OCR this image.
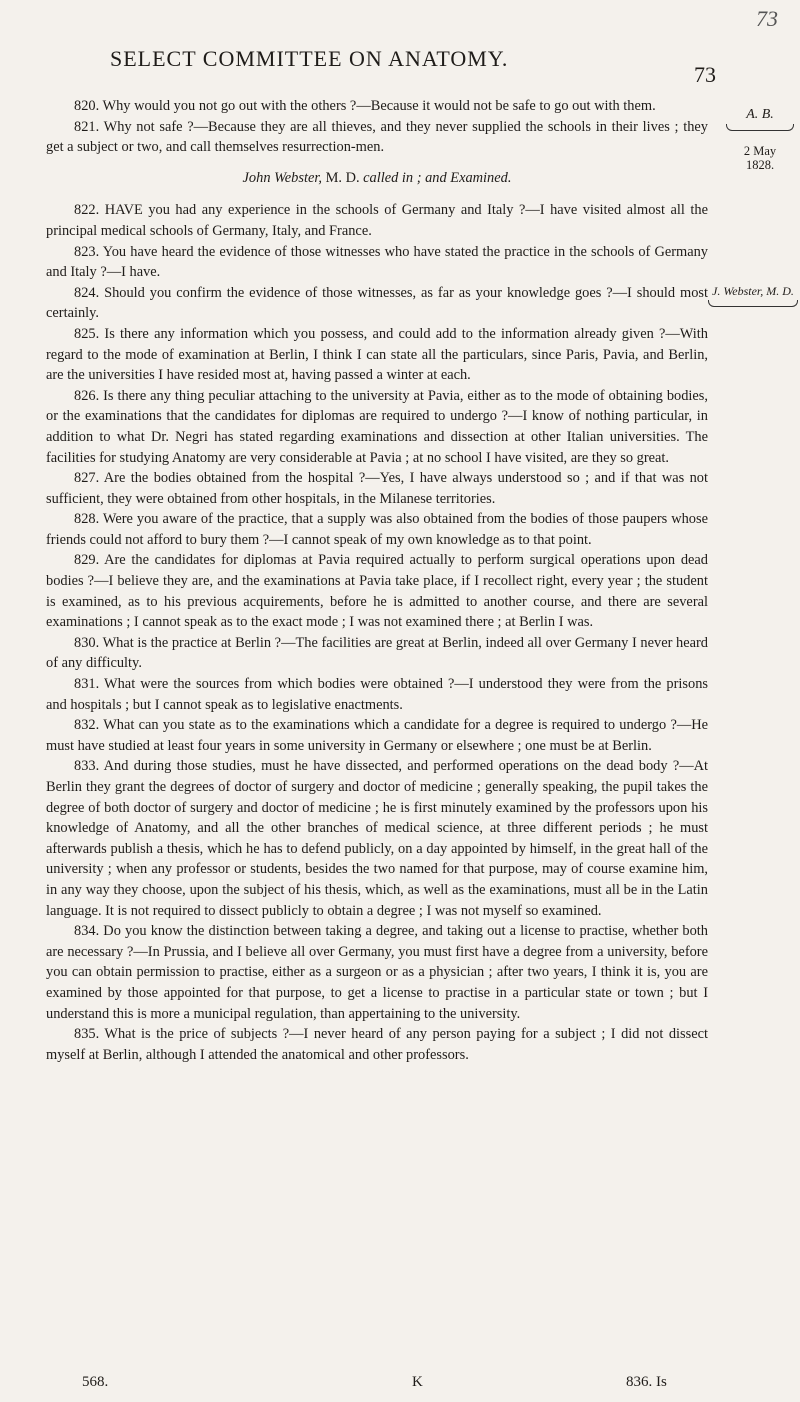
73
SELECT COMMITTEE ON ANATOMY.
73
A. B.
2 May
1828.
J. Webster, M. D.

820. Why would you not go out with the others ?—Because it would not be safe to go out with them.

821. Why not safe ?—Because they are all thieves, and they never supplied the schools in their lives ; they get a subject or two, and call themselves resurrection-men.

John Webster, M. D. called in ; and Examined.

822. HAVE you had any experience in the schools of Germany and Italy ?—I have visited almost all the principal medical schools of Germany, Italy, and France.

823. You have heard the evidence of those witnesses who have stated the practice in the schools of Germany and Italy ?—I have.

824. Should you confirm the evidence of those witnesses, as far as your knowledge goes ?—I should most certainly.

825. Is there any information which you possess, and could add to the information already given ?—With regard to the mode of examination at Berlin, I think I can state all the particulars, since Paris, Pavia, and Berlin, are the universities I have resided most at, having passed a winter at each.

826. Is there any thing peculiar attaching to the university at Pavia, either as to the mode of obtaining bodies, or the examinations that the candidates for diplomas are required to undergo ?—I know of nothing particular, in addition to what Dr. Negri has stated regarding examinations and dissection at other Italian universities. The facilities for studying Anatomy are very considerable at Pavia ; at no school I have visited, are they so great.

827. Are the bodies obtained from the hospital ?—Yes, I have always understood so ; and if that was not sufficient, they were obtained from other hospitals, in the Milanese territories.

828. Were you aware of the practice, that a supply was also obtained from the bodies of those paupers whose friends could not afford to bury them ?—I cannot speak of my own knowledge as to that point.

829. Are the candidates for diplomas at Pavia required actually to perform surgical operations upon dead bodies ?—I believe they are, and the examinations at Pavia take place, if I recollect right, every year ; the student is examined, as to his previous acquirements, before he is admitted to another course, and there are several examinations ; I cannot speak as to the exact mode ; I was not examined there ; at Berlin I was.

830. What is the practice at Berlin ?—The facilities are great at Berlin, indeed all over Germany I never heard of any difficulty.

831. What were the sources from which bodies were obtained ?—I understood they were from the prisons and hospitals ; but I cannot speak as to legislative enactments.

832. What can you state as to the examinations which a candidate for a degree is required to undergo ?—He must have studied at least four years in some university in Germany or elsewhere ; one must be at Berlin.

833. And during those studies, must he have dissected, and performed operations on the dead body ?—At Berlin they grant the degrees of doctor of surgery and doctor of medicine ; generally speaking, the pupil takes the degree of both doctor of surgery and doctor of medicine ; he is first minutely examined by the professors upon his knowledge of Anatomy, and all the other branches of medical science, at three different periods ; he must afterwards publish a thesis, which he has to defend publicly, on a day appointed by himself, in the great hall of the university ; when any professor or students, besides the two named for that purpose, may of course examine him, in any way they choose, upon the subject of his thesis, which, as well as the examinations, must all be in the Latin language. It is not required to dissect publicly to obtain a degree ; I was not myself so examined.

834. Do you know the distinction between taking a degree, and taking out a license to practise, whether both are necessary ?—In Prussia, and I believe all over Germany, you must first have a degree from a university, before you can obtain permission to practise, either as a surgeon or as a physician ; after two years, I think it is, you are examined by those appointed for that purpose, to get a license to practise in a particular state or town ; but I understand this is more a municipal regulation, than appertaining to the university.

835. What is the price of subjects ?—I never heard of any person paying for a subject ; I did not dissect myself at Berlin, although I attended the anatomical and other professors.

568.	K	836. Is
